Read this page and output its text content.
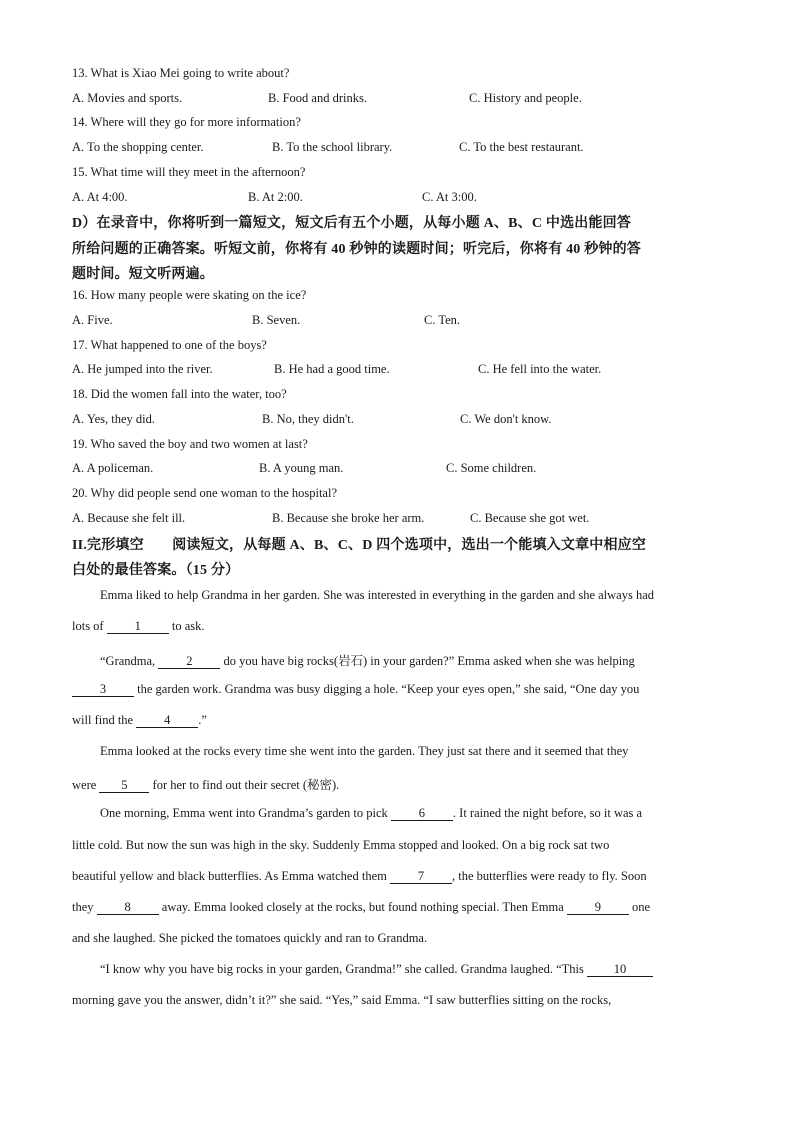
13. What is Xiao Mei going to write about?
A. Movies and sports.	B. Food and drinks.	C. History and people.
14. Where will they go for more information?
A. To the shopping center.	B. To the school library.	C. To the best restaurant.
15. What time will they meet in the afternoon?
A. At 4:00.	B. At 2:00.	C. At 3:00.
D）在录音中，你将听到一篇短文，短文后有五个小题，从每小题 A、B、C 中选出能回答
所给问题的正确答案。听短文前，你将有 40 秒钟的读题时间；听完后，你将有 40 秒钟的答
题时间。短文听两遍。
16. How many people were skating on the ice?
A. Five.	B. Seven.	C. Ten.
17. What happened to one of the boys?
A. He jumped into the river.	B. He had a good time.	C. He fell into the water.
18. Did the women fall into the water, too?
A. Yes, they did.	B. No, they didn't.	C. We don't know.
19. Who saved the boy and two women at last?
A. A policeman.	B. A young man.	C. Some children.
20. Why did people send one woman to the hospital?
A. Because she felt ill.	B. Because she broke her arm.	C. Because she got wet.
II.完形填空　　阅读短文，从每题 A、B、C、D 四个选项中，选出一个能填入文章中相应空
白处的最佳答案。（15 分）
Emma liked to help Grandma in her garden. She was interested in everything in the garden and she always had
lots of 1 to ask.
“Grandma, 2 do you have big rocks(岩石) in your garden?” Emma asked when she was helping
3 the garden work. Grandma was busy digging a hole. “Keep your eyes open,” she said, “One day you
will find the 4 .”
Emma looked at the rocks every time she went into the garden. They just sat there and it seemed that they
were 5 for her to find out their secret (秘密).
One morning, Emma went into Grandma’s garden to pick 6 . It rained the night before, so it was a
little cold. But now the sun was high in the sky. Suddenly Emma stopped and looked. On a big rock sat two
beautiful yellow and black butterflies. As Emma watched them 7 , the butterflies were ready to fly. Soon
they 8 away. Emma looked closely at the rocks, but found nothing special. Then Emma 9 one
and she laughed. She picked the tomatoes quickly and ran to Grandma.
“I know why you have big rocks in your garden, Grandma!” she called. Grandma laughed. “This 10
morning gave you the answer, didn’t it?” she said. “Yes,” said Emma. “I saw butterflies sitting on the rocks,
